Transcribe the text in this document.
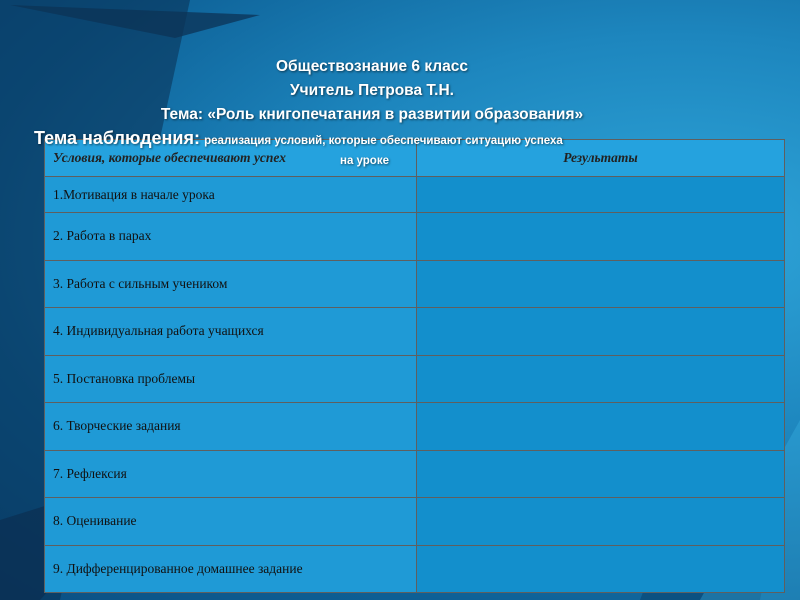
Обществознание 6 класс
Учитель Петрова Т.Н.
Тема: «Роль книгопечатания в развитии образования»
Условия, которые обеспечивают успех	Результаты
1.Мотивация в начале урока	
2. Работа в парах	
3. Работа с сильным учеником	
4. Индивидуальная работа учащихся	
5. Постановка проблемы	
6. Творческие задания	
7. Рефлексия	
8. Оценивание	
9. Дифференцированное домашнее задание	
Тема наблюдения: реализация условий, которые обеспечивают ситуацию успеха
на уроке
